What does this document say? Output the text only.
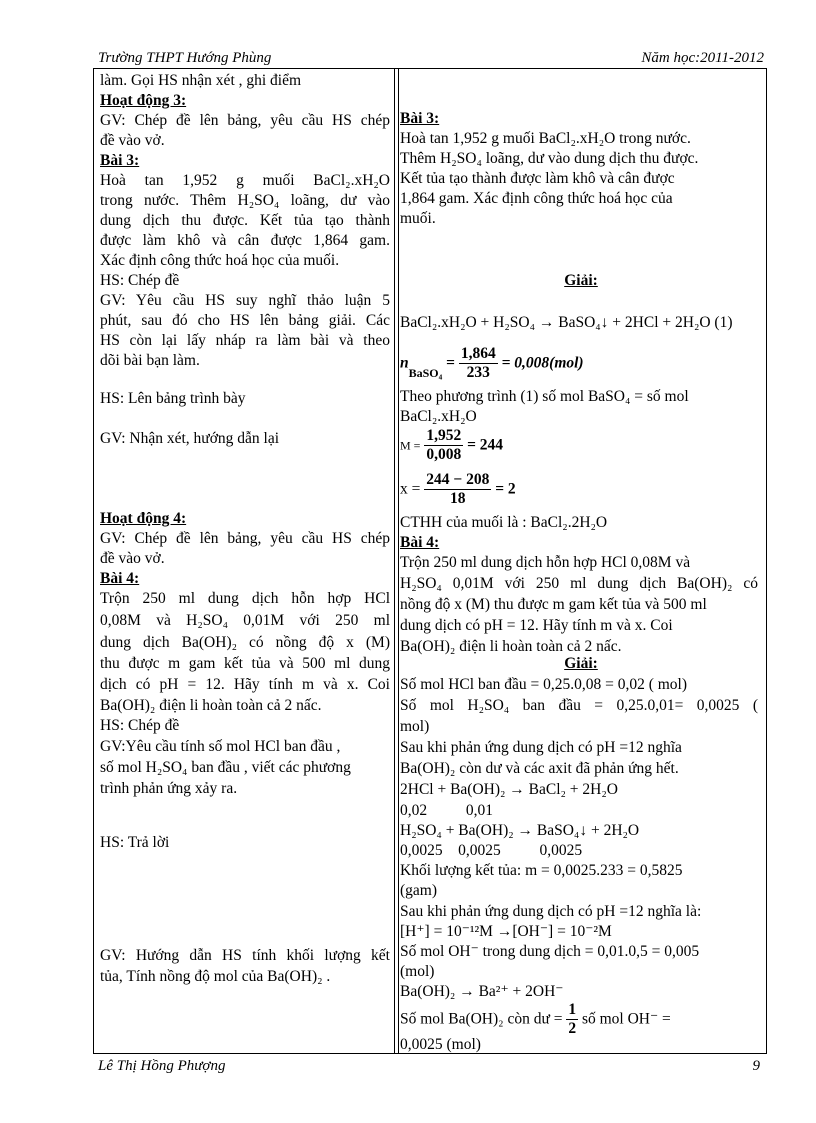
Trường THPT Hướng Phùng	Năm học:2011-2012
làm. Gọi HS nhận xét , ghi điểm
Hoạt động 3:
GV: Chép đề lên bảng, yêu cầu HS chép
đề vào vở.
Bài 3:
Hoà tan 1,952 g muối BaCl₂.xH₂O
trong nước. Thêm H₂SO₄ loãng, dư vào
dung dịch thu được. Kết tủa tạo thành
được làm khô và cân được 1,864 gam.
Xác định công thức hoá học của muối.
HS: Chép đề
GV: Yêu cầu HS suy nghĩ thảo luận 5
phút, sau đó cho HS lên bảng giải. Các
HS còn lại lấy nháp ra làm bài và theo
dõi bài bạn làm.
HS: Lên bảng trình bày
GV: Nhận xét, hướng dẫn lại
Hoạt động 4:
GV: Chép đề lên bảng, yêu cầu HS chép
đề vào vở.
Bài 4:
Trộn 250 ml dung dịch hỗn hợp HCl
0,08M và H₂SO₄ 0,01M với 250 ml
dung dịch Ba(OH)₂ có nồng độ x (M)
thu được m gam kết tủa và 500 ml dung
dịch có pH = 12. Hãy tính m và x. Coi
Ba(OH)₂ điện li hoàn toàn cả 2 nấc.
HS: Chép đề
GV:Yêu cầu tính số mol HCl ban đầu ,
số mol H₂SO₄ ban đầu , viết các phương
trình phản ứng xảy ra.
HS: Trả lời
GV: Hướng dẫn HS tính khối lượng kết
tủa, Tính nồng độ mol của Ba(OH)₂ .
Bài 3:
Hoà tan 1,952 g muối BaCl₂.xH₂O trong nước.
Thêm H₂SO₄ loãng, dư vào dung dịch thu được.
Kết tủa tạo thành được làm khô và cân được
1,864 gam. Xác định công thức hoá học của
muối.
Giải:
BaCl₂.xH₂O + H₂SO₄ → BaSO₄↓ + 2HCl + 2H₂O (1)
$n_{BaSO_4} = \frac{1,864}{233} = 0,008(mol)$
Theo phương trình (1) số mol BaSO₄ = số mol
BaCl₂.xH₂O
$M = \frac{1,952}{0,008} = 244$
$x = \frac{244 - 208}{18} = 2$
CTHH của muối là : BaCl₂.2H₂O
Bài 4:
Trộn 250 ml dung dịch hỗn hợp HCl 0,08M và
H₂SO₄ 0,01M với 250 ml dung dịch Ba(OH)₂ có
nồng độ x (M) thu được m gam kết tủa và 500 ml
dung dịch có pH = 12. Hãy tính m và x. Coi
Ba(OH)₂ điện li hoàn toàn cả 2 nấc.
Giải:
Số mol HCl ban đầu = 0,25.0,08 = 0,02 ( mol)
Số mol H₂SO₄ ban đầu = 0,25.0,01= 0,0025 (
mol)
Sau khi phản ứng dung dịch có pH =12 nghĩa
Ba(OH)₂ còn dư và các axit đã phản ứng hết.
2HCl + Ba(OH)₂ → BaCl₂ + 2H₂O
0,02          0,01
H₂SO₄ + Ba(OH)₂ → BaSO₄↓ + 2H₂O
0,0025    0,0025          0,0025
Khối lượng kết tủa: m = 0,0025.233 = 0,5825
(gam)
Sau khi phản ứng dung dịch có pH =12 nghĩa là:
[H⁺] = 10⁻¹²M →[OH⁻] = 10⁻²M
Số mol OH⁻ trong dung dịch = 0,01.0,5 = 0,005
(mol)
Ba(OH)₂ → Ba²⁺ + 2OH⁻
Số mol Ba(OH)₂ còn dư = $\frac{1}{2}$ số mol OH⁻ =
0,0025 (mol)
Lê Thị Hồng Phượng	9
